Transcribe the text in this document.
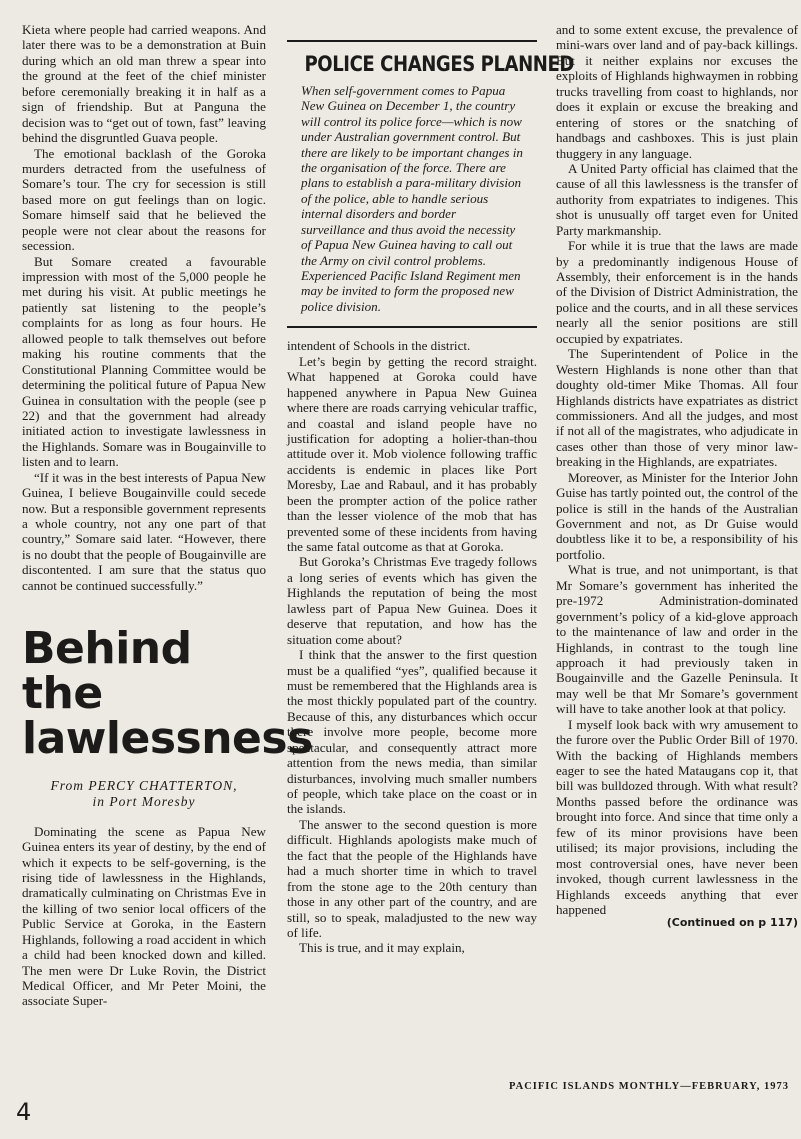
Kieta where people had carried weapons. And later there was to be a demonstration at Buin during which an old man threw a spear into the ground at the feet of the chief minister before ceremonially breaking it in half as a sign of friendship. But at Panguna the decision was to “get out of town, fast” leaving behind the disgruntled Guava people.

The emotional backlash of the Goroka murders detracted from the usefulness of Somare’s tour. The cry for secession is still based more on gut feelings than on logic. Somare himself said that he believed the people were not clear about the reasons for secession.

But Somare created a favourable impression with most of the 5,000 people he met during his visit. At public meetings he patiently sat listening to the people’s complaints for as long as four hours. He allowed people to talk themselves out before making his routine comments that the Constitutional Planning Committee would be determining the political future of Papua New Guinea in consultation with the people (see p 22) and that the government had already initiated action to investigate lawlessness in the Highlands. Somare was in Bougainville to listen and to learn.

“If it was in the best interests of Papua New Guinea, I believe Bougainville could secede now. But a responsible government represents a whole country, not any one part of that country,” Somare said later. “However, there is no doubt that the people of Bougainville are discontented. I am sure that the status quo cannot be continued successfully.”

Behind the
lawlessness
From PERCY CHATTERTON,
in Port Moresby

Dominating the scene as Papua New Guinea enters its year of destiny, by the end of which it expects to be self-governing, is the rising tide of lawlessness in the Highlands, dramatically culminating on Christmas Eve in the killing of two senior local officers of the Public Service at Goroka, in the Eastern Highlands, following a road accident in which a child had been knocked down and killed. The men were Dr Luke Rovin, the District Medical Officer, and Mr Peter Moini, the associate Super-

POLICE CHANGES PLANNED

When self-government comes to Papua New Guinea on December 1, the country will control its police force—which is now under Australian government control. But there are likely to be important changes in the organisation of the force. There are plans to establish a para-military division of the police, able to handle serious internal disorders and border surveillance and thus avoid the necessity of Papua New Guinea having to call out the Army on civil control problems. Experienced Pacific Island Regiment men may be invited to form the proposed new police division.

intendent of Schools in the district.

Let’s begin by getting the record straight. What happened at Goroka could have happened anywhere in Papua New Guinea where there are roads carrying vehicular traffic, and coastal and island people have no justification for adopting a holier-than-thou attitude over it. Mob violence following traffic accidents is endemic in places like Port Moresby, Lae and Rabaul, and it has probably been the prompter action of the police rather than the lesser violence of the mob that has prevented some of these incidents from having the same fatal outcome as that at Goroka.

But Goroka’s Christmas Eve tragedy follows a long series of events which has given the Highlands the reputation of being the most lawless part of Papua New Guinea. Does it deserve that reputation, and how has the situation come about?

I think that the answer to the first question must be a qualified “yes”, qualified because it must be remembered that the Highlands area is the most thickly populated part of the country. Because of this, any disturbances which occur there involve more people, become more spectacular, and consequently attract more attention from the news media, than similar disturbances, involving much smaller numbers of people, which take place on the coast or in the islands.

The answer to the second question is more difficult. Highlands apologists make much of the fact that the people of the Highlands have had a much shorter time in which to travel from the stone age to the 20th century than those in any other part of the country, and are still, so to speak, maladjusted to the new way of life.

This is true, and it may explain,

and to some extent excuse, the prevalence of mini-wars over land and of pay-back killings. But it neither explains nor excuses the exploits of Highlands highwaymen in robbing trucks travelling from coast to highlands, nor does it explain or excuse the breaking and entering of stores or the snatching of handbags and cashboxes. This is just plain thuggery in any language.

A United Party official has claimed that the cause of all this lawlessness is the transfer of authority from expatriates to indigenes. This shot is unusually off target even for United Party markmanship.

For while it is true that the laws are made by a predominantly indigenous House of Assembly, their enforcement is in the hands of the Division of District Administration, the police and the courts, and in all these services nearly all the senior positions are still occupied by expatriates.

The Superintendent of Police in the Western Highlands is none other than that doughty old-timer Mike Thomas. All four Highlands districts have expatriates as district commissioners. And all the judges, and most if not all of the magistrates, who adjudicate in cases other than those of very minor law-breaking in the Highlands, are expatriates.

Moreover, as Minister for the Interior John Guise has tartly pointed out, the control of the police is still in the hands of the Australian Government and not, as Dr Guise would doubtless like it to be, a responsibility of his portfolio.

What is true, and not unimportant, is that Mr Somare’s government has inherited the pre-1972 Administration-dominated government’s policy of a kid-glove approach to the maintenance of law and order in the Highlands, in contrast to the tough line approach it had previously taken in Bougainville and the Gazelle Peninsula. It may well be that Mr Somare’s government will have to take another look at that policy.

I myself look back with wry amusement to the furore over the Public Order Bill of 1970. With the backing of Highlands members eager to see the hated Mataugans cop it, that bill was bulldozed through. With what result? Months passed before the ordinance was brought into force. And since that time only a few of its minor provisions have been utilised; its major provisions, including the most controversial ones, have never been invoked, though current lawlessness in the Highlands exceeds anything that ever happened

(Continued on p 117)

4
PACIFIC ISLANDS MONTHLY—FEBRUARY, 1973
